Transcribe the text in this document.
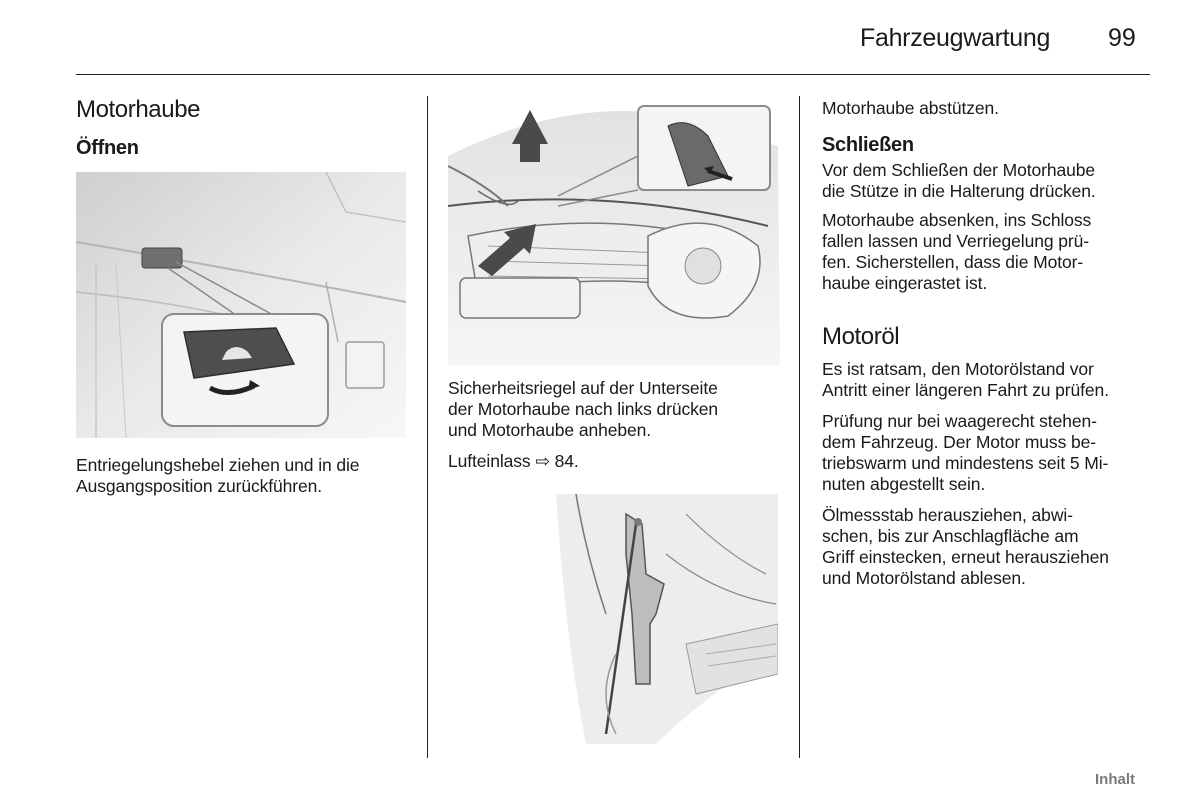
Fahrzeugwartung 99
Motorhaube
Öffnen
Entriegelungshebel ziehen und in die
Ausgangsposition zurückführen.
Sicherheitsriegel auf der Unterseite
der Motorhaube nach links drücken
und Motorhaube anheben.
Lufteinlass ⇨ 84.
Motorhaube abstützen.
Schließen
Vor dem Schließen der Motorhaube
die Stütze in die Halterung drücken.
Motorhaube absenken, ins Schloss
fallen lassen und Verriegelung prü-
fen. Sicherstellen, dass die Motor-
haube eingerastet ist.
Motoröl
Es ist ratsam, den Motorölstand vor
Antritt einer längeren Fahrt zu prüfen.
Prüfung nur bei waagerecht stehen-
dem Fahrzeug. Der Motor muss be-
triebswarm und mindestens seit 5 Mi-
nuten abgestellt sein.
Ölmessstab herausziehen, abwi-
schen, bis zur Anschlagfläche am
Griff einstecken, erneut herausziehen
und Motorölstand ablesen.
Inhalt
